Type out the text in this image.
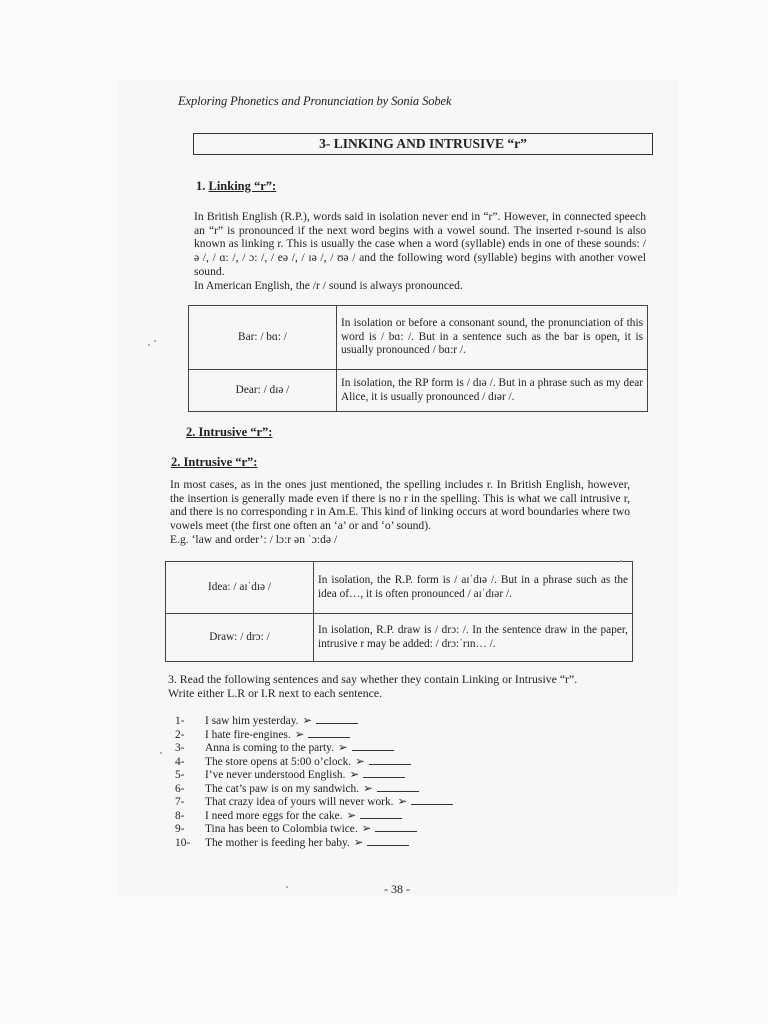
Exploring Phonetics and Pronunciation by Sonia Sobek
3- LINKING AND INTRUSIVE “r”
1. Linking “r”:

In British English (R.P.), words said in isolation never end in “r”. However, in connected speech an “r” is pronounced if the next word begins with a vowel sound. The inserted r-sound is also known as linking r. This is usually the case when a word (syllable) ends in one of these sounds: / ə /, / ɑ: /, / ɔ: /, / eə /, / ɪə /, / ʊə / and the following word (syllable) begins with another vowel sound.

In American English, the /r / sound is always pronounced.

Bar: / bɑ: /	In isolation or before a consonant sound, the pronunciation of this word is / bɑ: /. But in a sentence such as the bar is open, it is usually pronounced / bɑ:r /.
Dear: / dɪə /	In isolation, the RP form is / dɪə /. But in a phrase such as my dear Alice, it is usually pronounced / dɪər /.
2. Intrusive “r”:
2. Intrusive “r”:

In most cases, as in the ones just mentioned, the spelling includes r. In British English, however, the insertion is generally made even if there is no r in the spelling. This is what we call intrusive r, and there is no corresponding r in Am.E. This kind of linking occurs at word boundaries where two vowels meet (the first one often an ‘a’ or and ‘o’ sound).

E.g. ‘law and order’: / lɔ:r ən ˈɔ:də /

Idea: / aɪˈdɪə /	In isolation, the R.P. form is / aɪˈdɪə /. But in a phrase such as the idea of…, it is often pronounced / aɪˈdɪər /.
Draw: / drɔ: /	In isolation, R.P. draw is / drɔ: /. In the sentence draw in the paper, intrusive r may be added: / drɔ:ˈrɪn… /.
3. Read the following sentences and say whether they contain Linking or Intrusive “r”.
Write either L.R or I.R next to each sentence.
1- I saw him yesterday. ➢
2- I hate fire-engines. ➢
3- Anna is coming to the party. ➢
4- The store opens at 5:00 o’clock. ➢
5- I’ve never understood English. ➢
6- The cat’s paw is on my sandwich. ➢
7- That crazy idea of yours will never work. ➢
8- I need more eggs for the cake. ➢
9- Tina has been to Colombia twice. ➢
10- The mother is feeding her baby. ➢
- 38 -
